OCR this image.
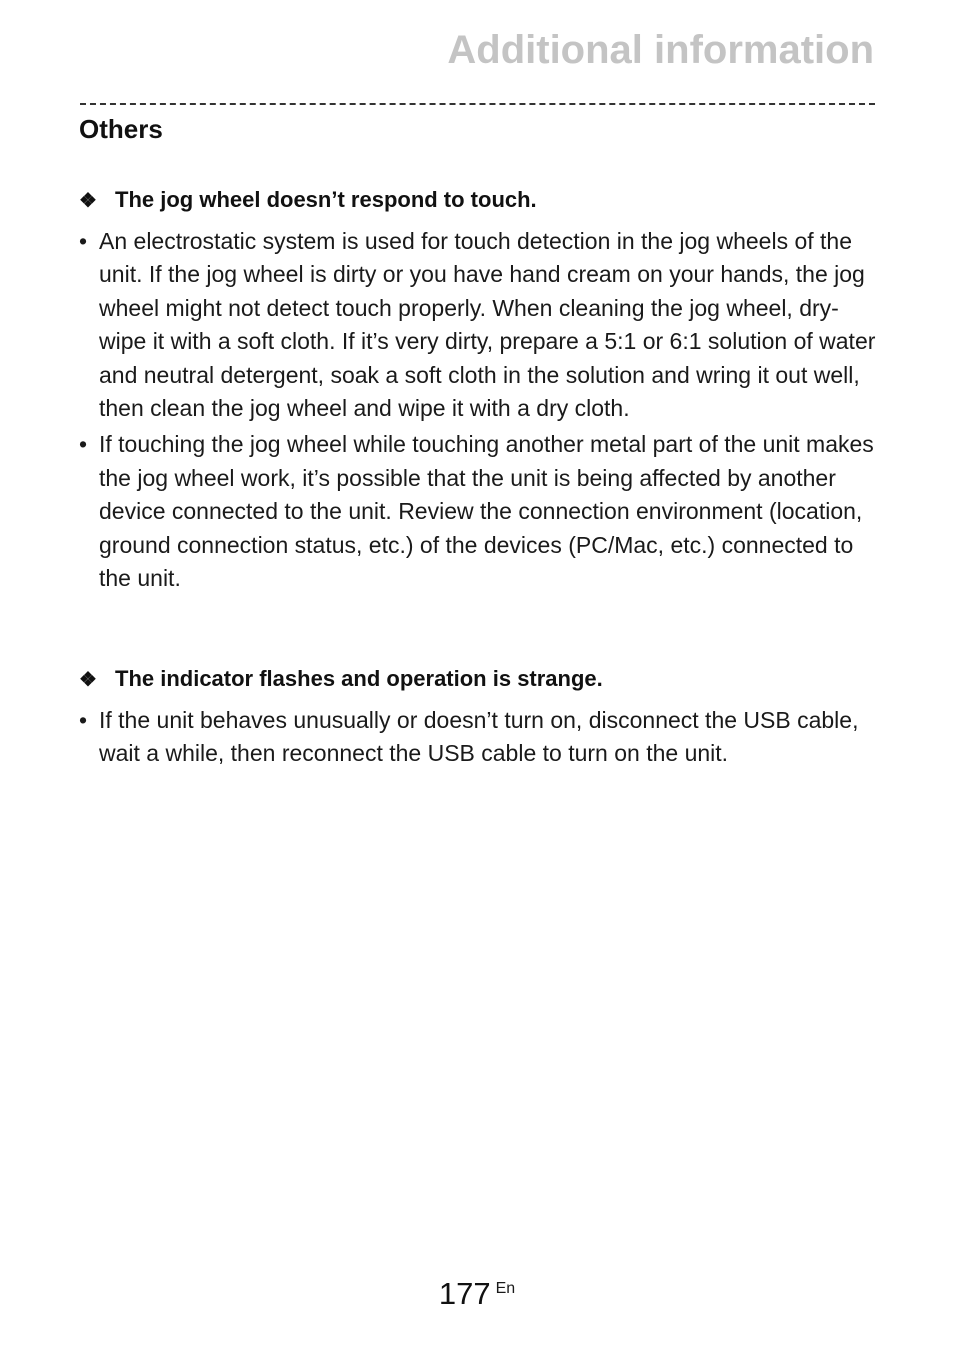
Additional information
Others
❖ The jog wheel doesn’t respond to touch.
• An electrostatic system is used for touch detection in the jog wheels of the unit. If the jog wheel is dirty or you have hand cream on your hands, the jog wheel might not detect touch properly. When cleaning the jog wheel, dry-wipe it with a soft cloth. If it’s very dirty, prepare a 5:1 or 6:1 solution of water and neutral detergent, soak a soft cloth in the solution and wring it out well, then clean the jog wheel and wipe it with a dry cloth.
• If touching the jog wheel while touching another metal part of the unit makes the jog wheel work, it’s possible that the unit is being affected by another device connected to the unit. Review the connection environment (location, ground connection status, etc.) of the devices (PC/Mac, etc.) connected to the unit.
❖ The indicator flashes and operation is strange.
• If the unit behaves unusually or doesn’t turn on, disconnect the USB cable, wait a while, then reconnect the USB cable to turn on the unit.
177 En
